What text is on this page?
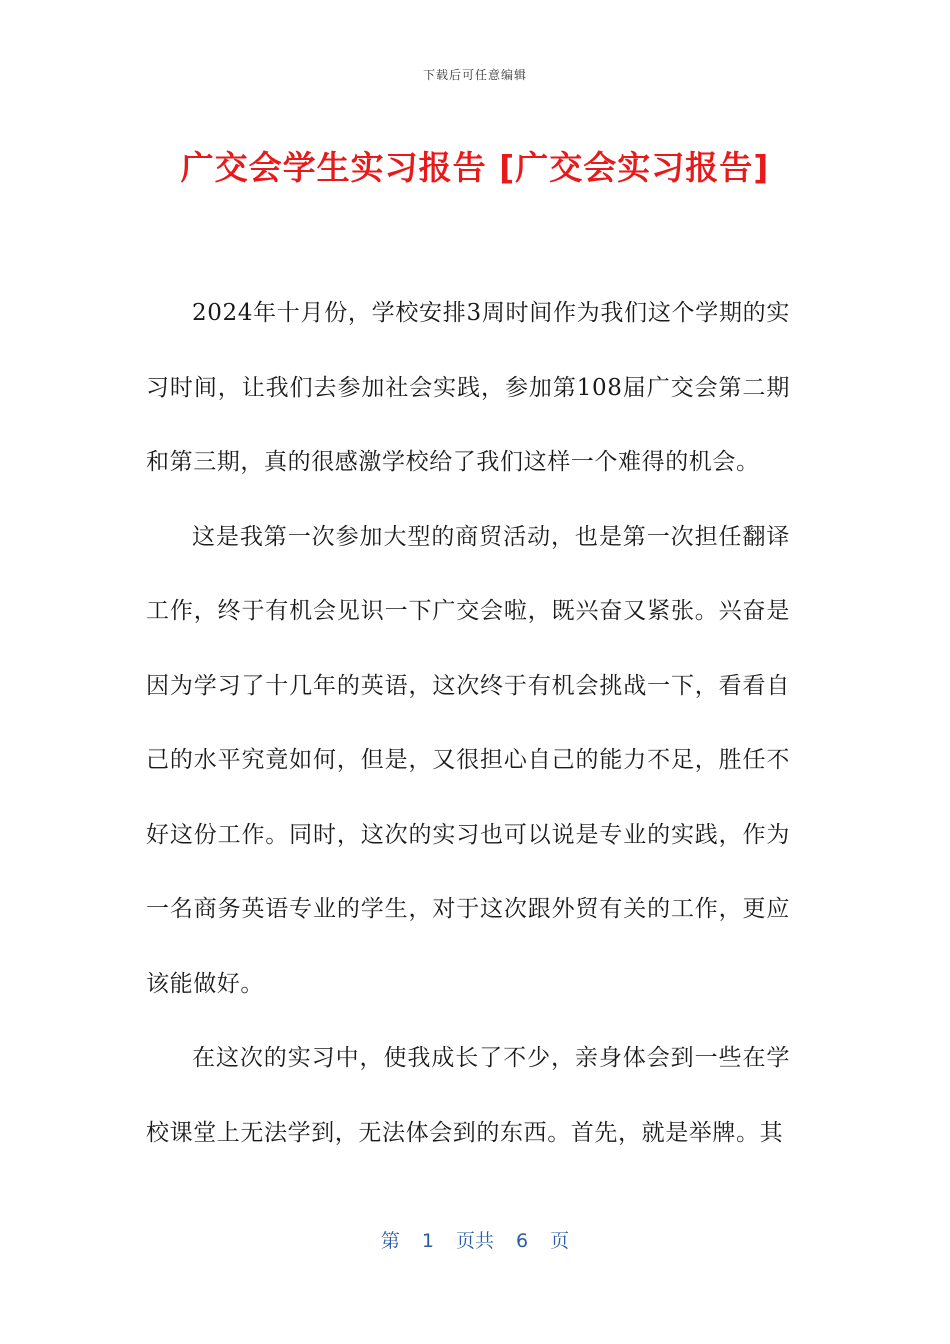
下载后可任意编辑
广交会学生实习报告 [广交会实习报告]

2024年十月份，学校安排3周时间作为我们这个学期的实习时间，让我们去参加社会实践，参加第108届广交会第二期和第三期，真的很感激学校给了我们这样一个难得的机会。

这是我第一次参加大型的商贸活动，也是第一次担任翻译工作，终于有机会见识一下广交会啦，既兴奋又紧张。兴奋是因为学习了十几年的英语，这次终于有机会挑战一下，看看自己的水平究竟如何，但是，又很担心自己的能力不足，胜任不好这份工作。同时，这次的实习也可以说是专业的实践，作为一名商务英语专业的学生，对于这次跟外贸有关的工作，更应该能做好。

在这次的实习中，使我成长了不少，亲身体会到一些在学校课堂上无法学到，无法体会到的东西。首先，就是举牌。其

第 1 页共 6 页
